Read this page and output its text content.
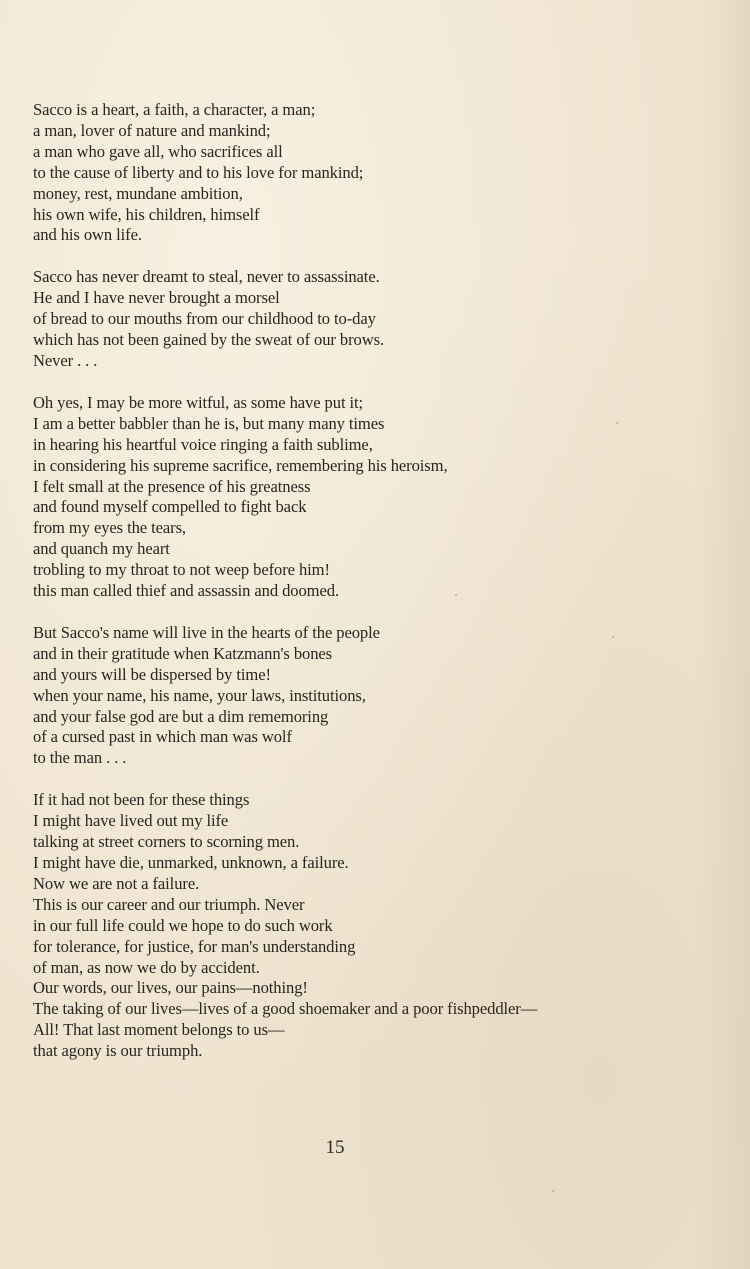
Sacco is a heart, a faith, a character, a man;
a man, lover of nature and mankind;
a man who gave all, who sacrifices all
to the cause of liberty and to his love for mankind;
money, rest, mundane ambition,
his own wife, his children, himself
and his own life.
Sacco has never dreamt to steal, never to assassinate.
He and I have never brought a morsel
of bread to our mouths from our childhood to to-day
which has not been gained by the sweat of our brows.
Never . . .
Oh yes, I may be more witful, as some have put it;
I am a better babbler than he is, but many many times
in hearing his heartful voice ringing a faith sublime,
in considering his supreme sacrifice, remembering his heroism,
I felt small at the presence of his greatness
and found myself compelled to fight back
from my eyes the tears,
and quanch my heart
trobling to my throat to not weep before him!
this man called thief and assassin and doomed.
But Sacco's name will live in the hearts of the people
and in their gratitude when Katzmann's bones
and yours will be dispersed by time!
when your name, his name, your laws, institutions,
and your false god are but a dim rememoring
of a cursed past in which man was wolf
to the man . . .
If it had not been for these things
I might have lived out my life
talking at street corners to scorning men.
I might have die, unmarked, unknown, a failure.
Now we are not a failure.
This is our career and our triumph. Never
in our full life could we hope to do such work
for tolerance, for justice, for man's understanding
of man, as now we do by accident.
Our words, our lives, our pains—nothing!
The taking of our lives—lives of a good shoemaker and a poor fishpeddler—
All! That last moment belongs to us—
that agony is our triumph.
15
